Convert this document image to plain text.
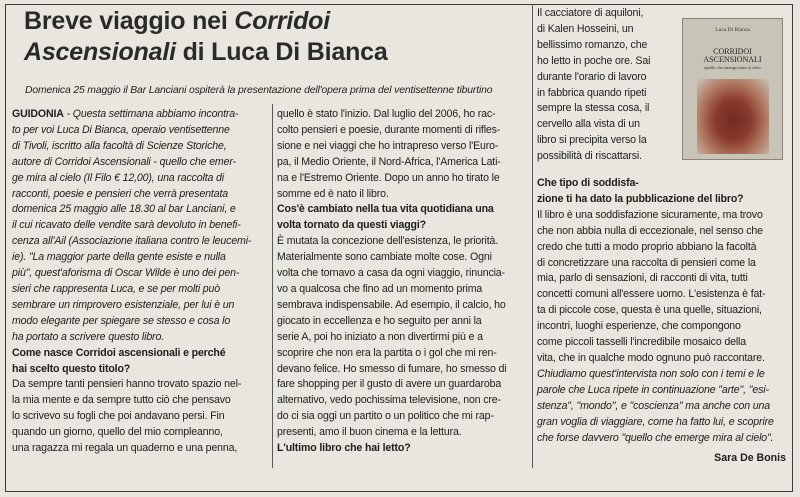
Breve viaggio nei Corridoi
Ascensionali di Luca Di Bianca

Domenica 25 maggio il Bar Lanciani ospiterà la presentazione dell'opera prima del ventisettenne tiburtino

GUIDONIA - Questa settimana abbiamo incontra-

to per voi Luca Di Bianca, operaio ventisettenne

di Tivoli, iscritto alla facoltà di Scienze Storiche,

autore di Corridoi Ascensionali - quello che emer-

ge mira al cielo (Il Filo € 12,00), una raccolta di

racconti, poesie e pensieri che verrà presentata

domenica 25 maggio alle 18.30 al bar Lanciani, e

il cui ricavato delle vendite sarà devoluto in benefi-

cenza all'Ail (Associazione italiana contro le leucemi-

ie). "La maggior parte della gente esiste e nulla

più", quest'aforisma di Oscar Wilde è uno dei pen-

sieri che rappresenta Luca, e se per molti può

sembrare un rimprovero esistenziale, per lui è un

modo elegante per spiegare se stesso e cosa lo

ha portato a scrivere questo libro.

Come nasce Corridoi ascensionali e perché

hai scelto questo titolo?

Da sempre tanti pensieri hanno trovato spazio nel-

la mia mente e da sempre tutto ciò che pensavo

lo scrivevo su fogli che poi andavano persi. Fin

quando un giorno, quello del mio compleanno,

una ragazza mi regala un quaderno e una penna,

quello è stato l'inizio. Dal luglio del 2006, ho rac-

colto pensieri e poesie, durante momenti di rifles-

sione e nei viaggi che ho intrapreso verso l'Euro-

pa, il Medio Oriente, il Nord-Africa, l'America Lati-

na e l'Estremo Oriente. Dopo un anno ho tirato le

somme ed è nato il libro.

Cos'è cambiato nella tua vita quotidiana una

volta tornato da questi viaggi?

È mutata la concezione dell'esistenza, le priorità.

Materialmente sono cambiate molte cose. Ogni

volta che tornavo a casa da ogni viaggio, rinuncia-

vo a qualcosa che fino ad un momento prima

sembrava indispensabile. Ad esempio, il calcio, ho

giocato in eccellenza e ho seguito per anni la

serie A, poi ho iniziato a non divertirmi più e a

scoprire che non era la partita o i gol che mi ren-

devano felice. Ho smesso di fumare, ho smesso di

fare shopping per il gusto di avere un guardaroba

alternativo, vedo pochissima televisione, non cre-

do ci sia oggi un partito o un politico che mi rap-

presenti, amo il buon cinema e la lettura.

L'ultimo libro che hai letto?

Il cacciatore di aquiloni,

di Kalen Hosseini, un

bellissimo romanzo, che

ho letto in poche ore. Sai

durante l'orario di lavoro

in fabbrica quando ripeti

sempre la stessa cosa, il

cervello alla vista di un

libro si precipita verso la

possibilità di riscattarsi.

Luca Di Bianca
CORRIDOI
ASCENSIONALI
quello che emerge mira al cielo

Che tipo di soddisfa-

zione ti ha dato la pubblicazione del libro?

Il libro è una soddisfazione sicuramente, ma trovo

che non abbia nulla di eccezionale, nel senso che

credo che tutti a modo proprio abbiano la facoltà

di concretizzare una raccolta di pensieri come la

mia, parlo di sensazioni, di racconti di vita, tutti

concetti comuni all'essere uomo. L'esistenza è fat-

ta di piccole cose, questa è una quelle, situazioni,

incontri, luoghi esperienze, che compongono

come piccoli tasselli l'incredibile mosaico della

vita, che in qualche modo ognuno può raccontare.

Chiudiamo quest'intervista non solo con i temi e le

parole che Luca ripete in continuazione "arte", "esi-

stenza", "mondo", e "coscienza" ma anche con una

gran voglia di viaggiare, come ha fatto lui, e scoprire

che forse davvero "quello che emerge mira al cielo".

Sara De Bonis
